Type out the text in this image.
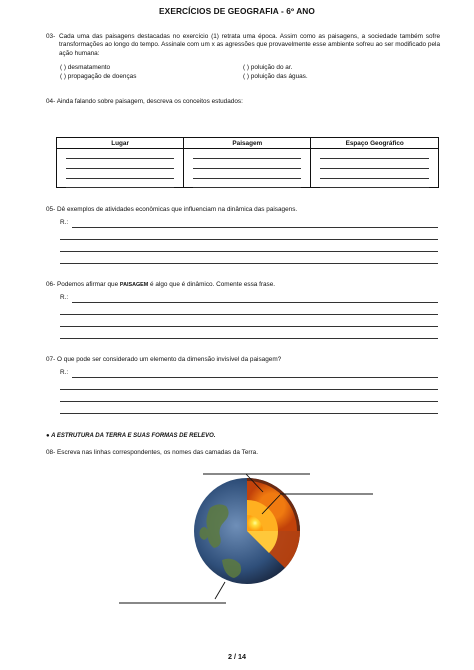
EXERCÍCIOS DE GEOGRAFIA - 6º ANO
03- Cada uma das paisagens destacadas no exercício (1) retrata uma época. Assim como as paisagens, a sociedade também sofre transformações ao longo do tempo. Assinale com um x as agressões que provavelmente esse ambiente sofreu ao ser modificado pela ação humana:
( ) desmatamento	( ) poluição do ar.
( ) propagação de doenças	( ) poluição das águas.
04- Ainda falando sobre paisagem, descreva os conceitos estudados:
Lugar	Paisagem	Espaço Geográfico

05- Dê exemplos de atividades econômicas que influenciam na dinâmica das paisagens.
R.:
06- Podemos afirmar que PAISAGEM é algo que é dinâmico. Comente essa frase.
R.:
07- O que pode ser considerado um elemento da dimensão invisível da paisagem?
R.:
● A ESTRUTURA DA TERRA E SUAS FORMAS DE RELEVO.
08- Escreva nas linhas correspondentes, os nomes das camadas da Terra.
2 / 14
